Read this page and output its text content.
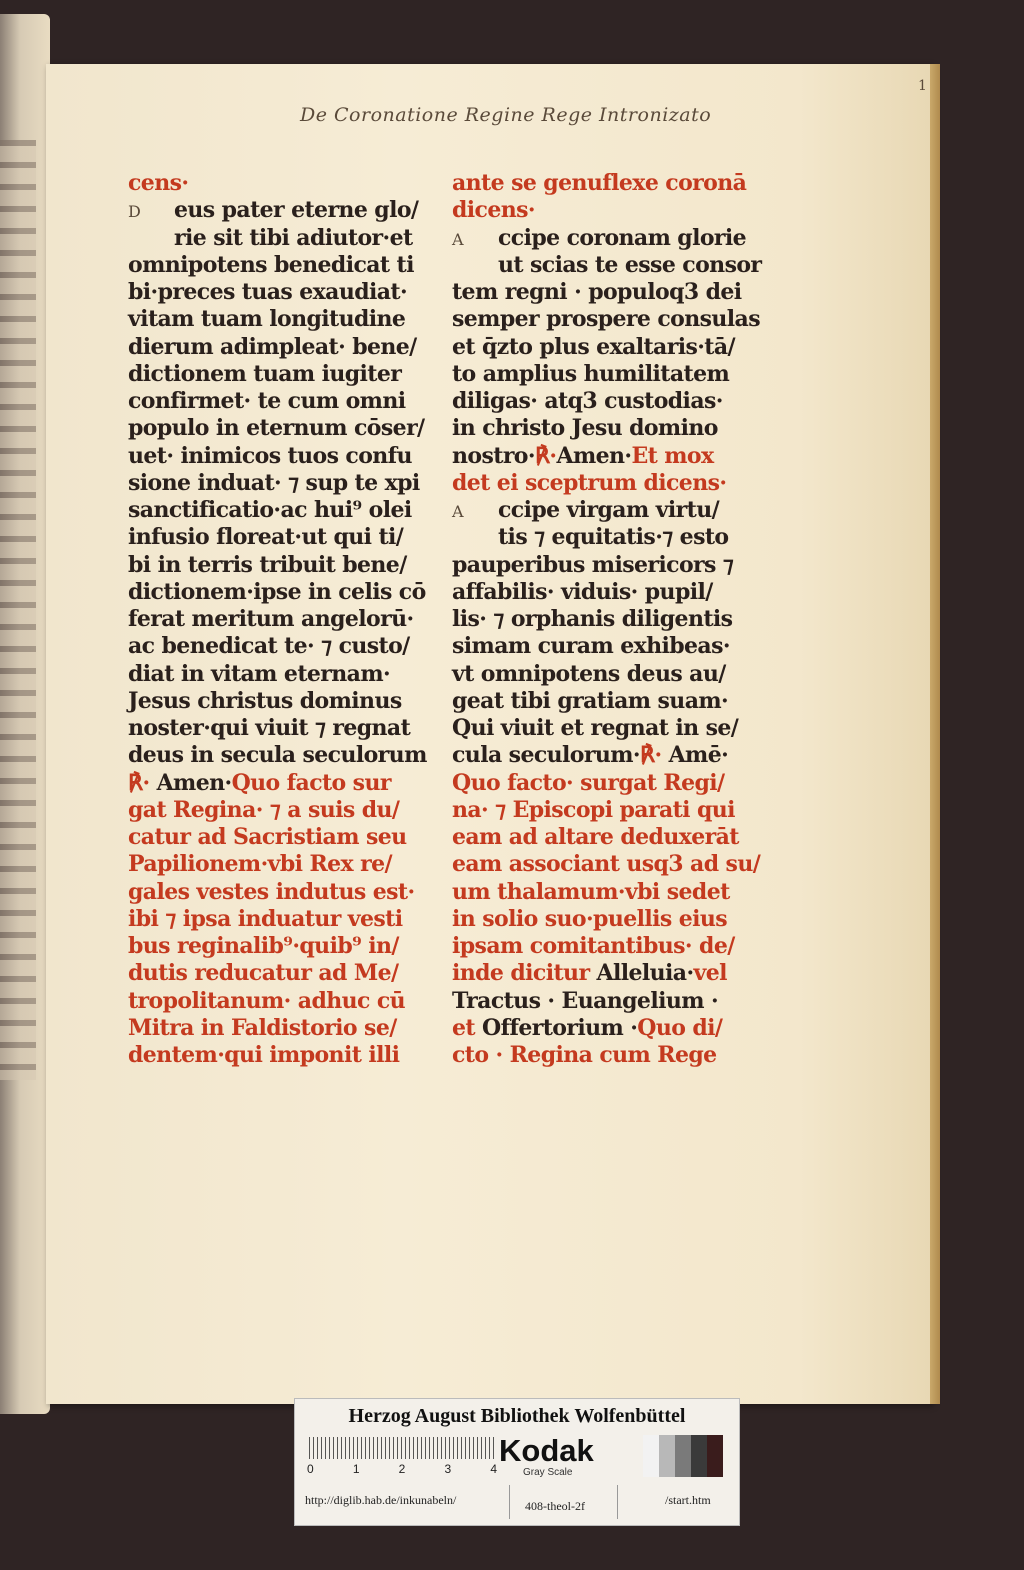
1
De Coronatione Regine Rege Intronizato
cens·
D eus pater eterne glo/
rie sit tibi adiutor·et
omnipotens benedicat ti
bi·preces tuas exaudiat·
vitam tuam longitudine
dierum adimpleat· bene/
dictionem tuam iugiter
confirmet· te cum omni
populo in eternum cōser/
uet· inimicos tuos confu
sione induat· ⁊ sup te xpi
sanctificatio·ac hui⁹ olei
infusio floreat·ut qui ti/
bi in terris tribuit bene/
dictionem·ipse in celis cō
ferat meritum angelorū·
ac benedicat te· ⁊ custo/
diat in vitam eternam·
Jesus christus dominus
noster·qui viuit ⁊ regnat
deus in secula seculorum
℟· Amen·Quo facto sur
gat Regina· ⁊ a suis du/
catur ad Sacristiam seu
Papilionem·vbi Rex re/
gales vestes indutus est·
ibi ⁊ ipsa induatur vesti
bus reginalib⁹·quib⁹ in/
dutis reducatur ad Me/
tropolitanum· adhuc cū
Mitra in Faldistorio se/
dentem·qui imponit illi
ante se genuflexe coronā
dicens·
A ccipe coronam glorie
ut scias te esse consor
tem regni · populoq3 dei
semper prospere consulas
et q̄zto plus exaltaris·tā/
to amplius humilitatem
diligas· atq3 custodias·
in christo Jesu domino
nostro·℟·Amen·Et mox
det ei sceptrum dicens·
A ccipe virgam virtu/
tis ⁊ equitatis·⁊ esto
pauperibus misericors ⁊
affabilis· viduis· pupil/
lis· ⁊ orphanis diligentis
simam curam exhibeas·
vt omnipotens deus au/
geat tibi gratiam suam·
Qui viuit et regnat in se/
cula seculorum·℟· Amē·
Quo facto· surgat Regi/
na· ⁊ Episcopi parati qui
eam ad altare deduxerāt
eam associant usq3 ad su/
um thalamum·vbi sedet
in solio suo·puellis eius
ipsam comitantibus· de/
inde dicitur Alleluia·vel
Tractus · Euangelium ·
et Offertorium ·Quo di/
cto · Regina cum Rege
Herzog August Bibliothek Wolfenbüttel
0	1	2	3	4
Kodak
Gray Scale
http://diglib.hab.de/inkunabeln/	408-theol-2f	/start.htm
